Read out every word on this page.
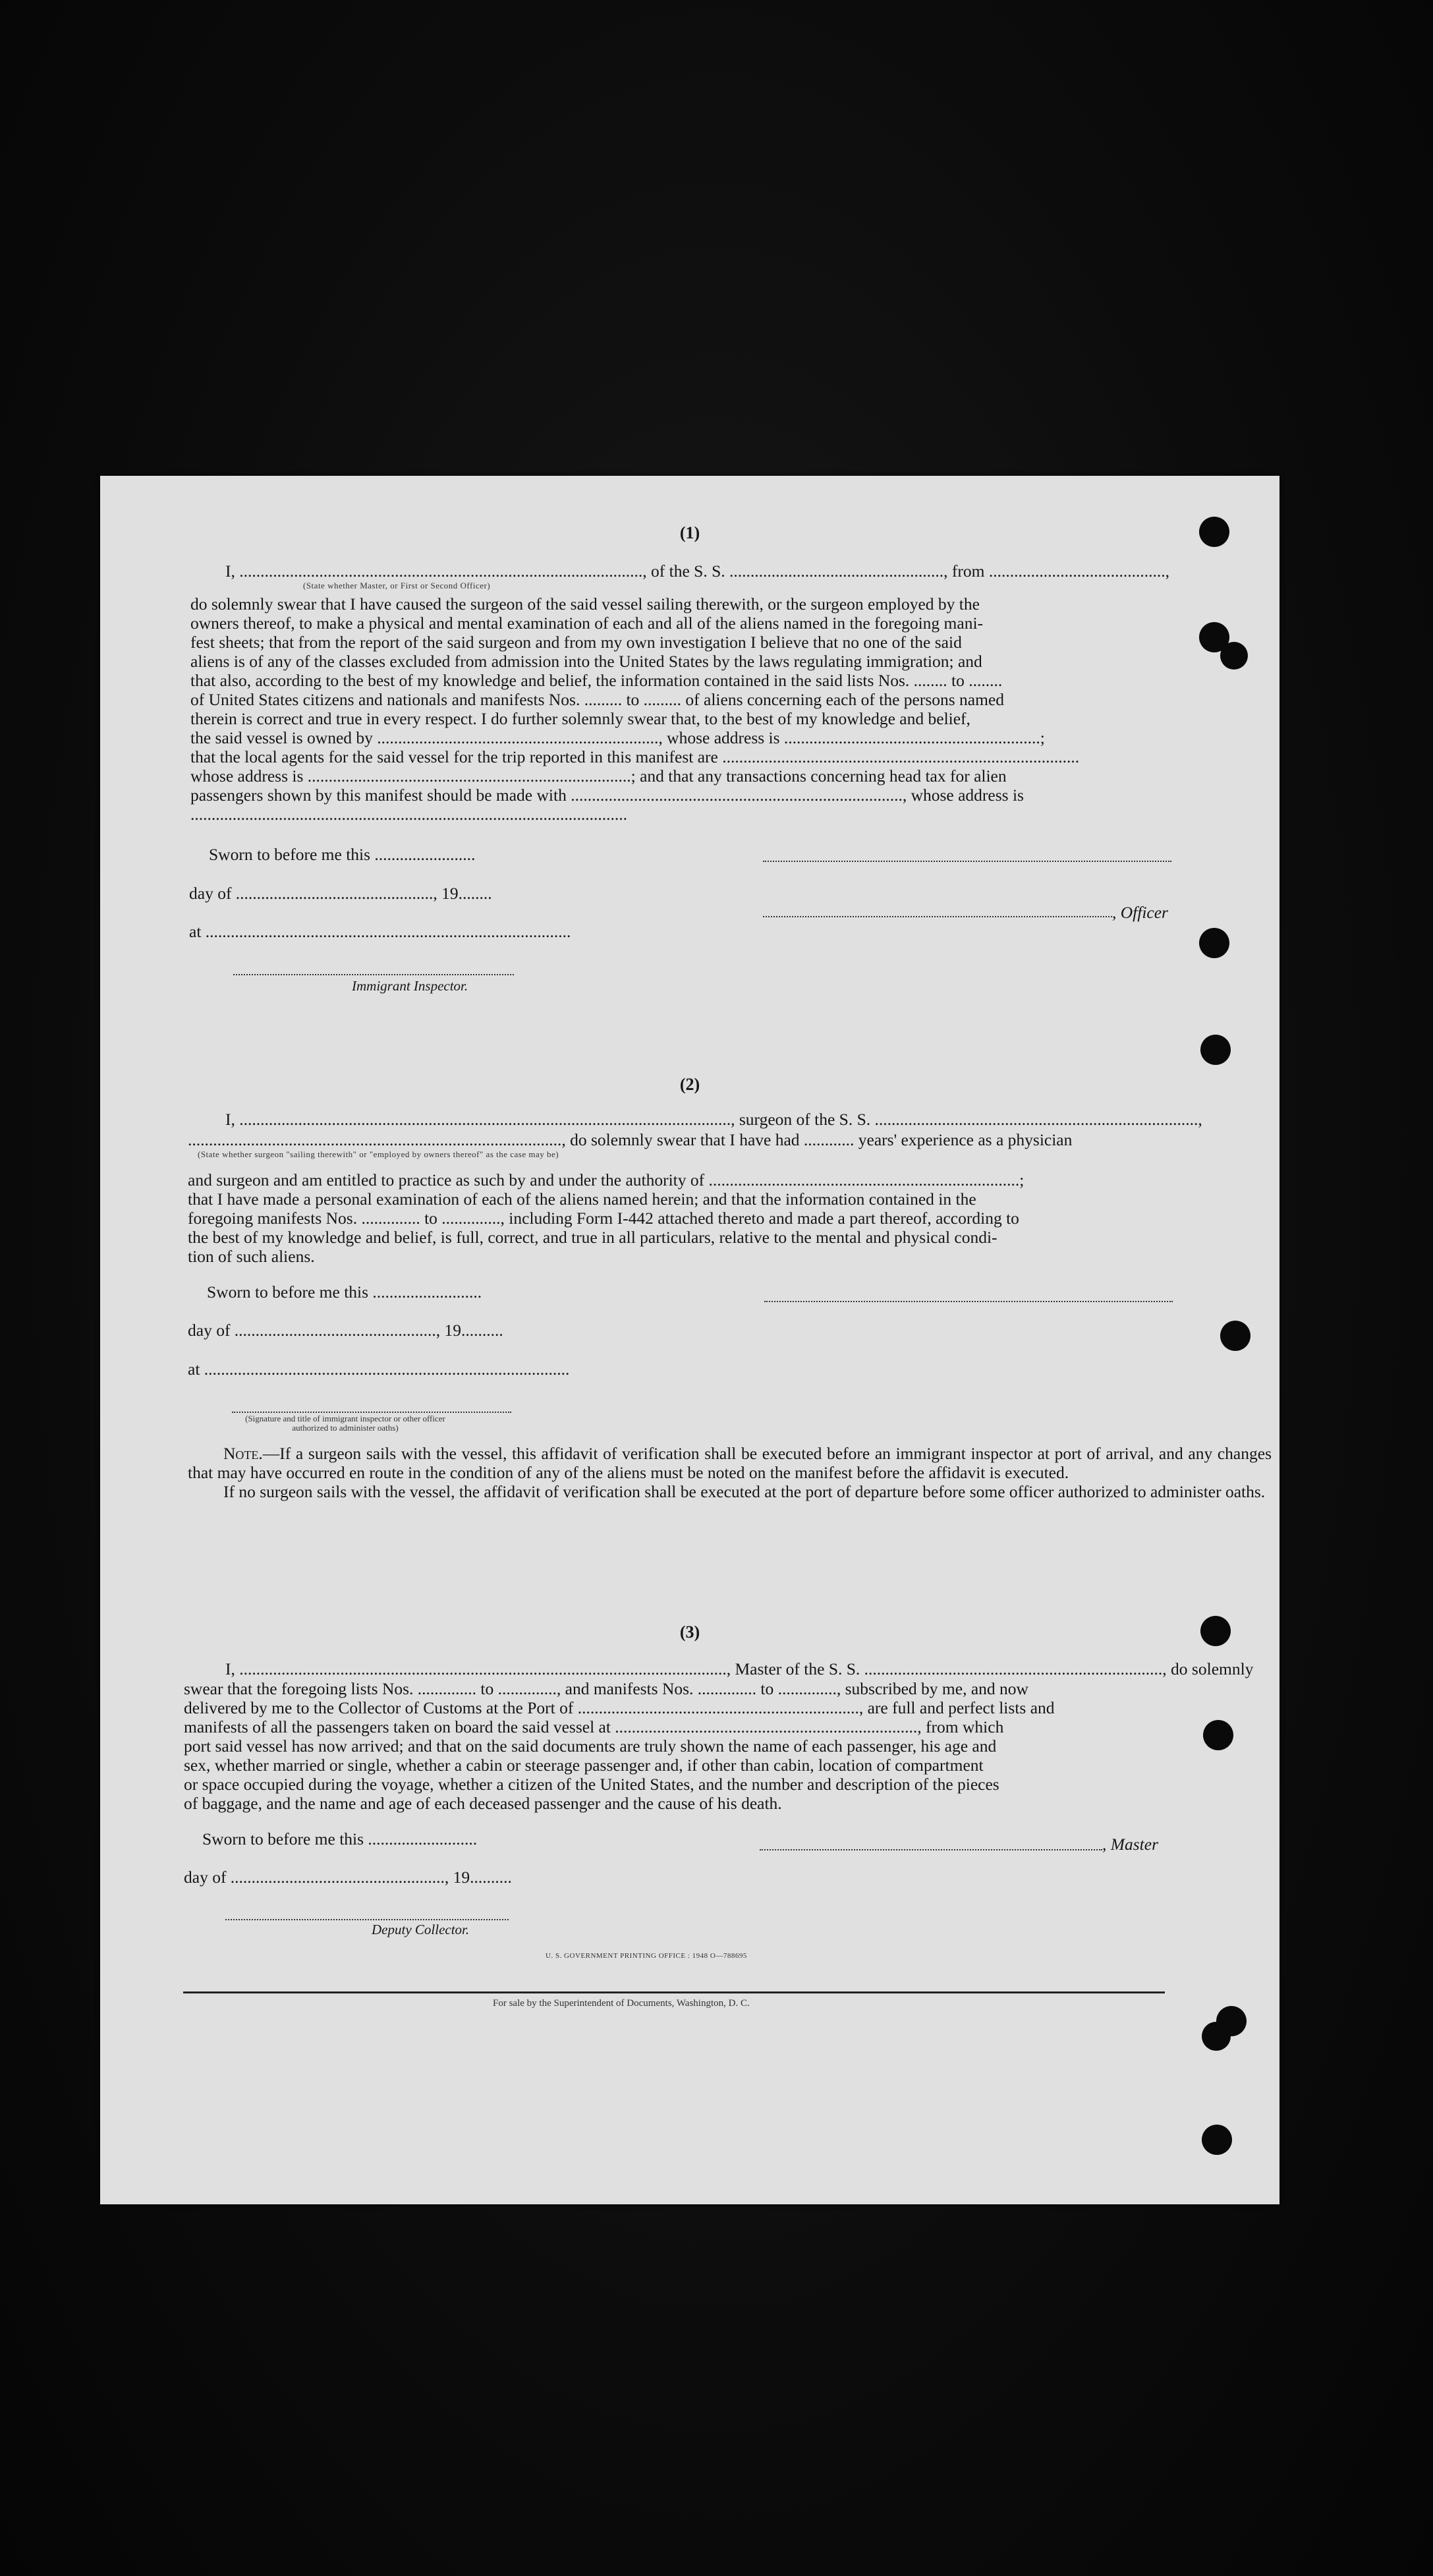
(1)
I, ................................................................................................, of the S. S. ..................................................., from ..........................................,
(State whether Master, or First or Second Officer)
do solemnly swear that I have caused the surgeon of the said vessel sailing therewith, or the surgeon employed by the
owners thereof, to make a physical and mental examination of each and all of the aliens named in the foregoing mani-
fest sheets; that from the report of the said surgeon and from my own investigation I believe that no one of the said
aliens is of any of the classes excluded from admission into the United States by the laws regulating immigration; and
that also, according to the best of my knowledge and belief, the information contained in the said lists Nos. ........ to ........
of United States citizens and nationals and manifests Nos. ......... to ......... of aliens concerning each of the persons named
therein is correct and true in every respect. I do further solemnly swear that, to the best of my knowledge and belief,
the said vessel is owned by ..................................................................., whose address is .............................................................;
that the local agents for the said vessel for the trip reported in this manifest are .....................................................................................
whose address is .............................................................................; and that any transactions concerning head tax for alien
passengers shown by this manifest should be made with ..............................................................................., whose address is
........................................................................................................
Sworn to before me this ........................
day of ..............................................., 19........
at .......................................................................................
Immigrant Inspector.
, Officer
(2)
I, ....................................................................................................................., surgeon of the S. S. .............................................................................,
........................................................................................., do solemnly swear that I have had ............ years' experience as a physician
(State whether surgeon "sailing therewith" or "employed by owners thereof" as the case may be)
and surgeon and am entitled to practice as such by and under the authority of ..........................................................................;
that I have made a personal examination of each of the aliens named herein; and that the information contained in the
foregoing manifests Nos. .............. to .............., including Form I-442 attached thereto and made a part thereof, according to
the best of my knowledge and belief, is full, correct, and true in all particulars, relative to the mental and physical condi-
tion of such aliens.
Sworn to before me this ..........................
day of ................................................, 19..........
at .......................................................................................
(Signature and title of immigrant inspector or other officer authorized to administer oaths)
Note.—If a surgeon sails with the vessel, this affidavit of verification shall be executed before an immigrant inspector at port of arrival, and any changes that may have occurred en route in the condition of any of the aliens must be noted on the manifest before the affidavit is executed.
If no surgeon sails with the vessel, the affidavit of verification shall be executed at the port of departure before some officer authorized to administer oaths.
(3)
I, ...................................................................................................................., Master of the S. S. ......................................................................., do solemnly
swear that the foregoing lists Nos. .............. to .............., and manifests Nos. .............. to .............., subscribed by me, and now
delivered by me to the Collector of Customs at the Port of ..................................................................., are full and perfect lists and
manifests of all the passengers taken on board the said vessel at ........................................................................, from which
port said vessel has now arrived; and that on the said documents are truly shown the name of each passenger, his age and
sex, whether married or single, whether a cabin or steerage passenger and, if other than cabin, location of compartment
or space occupied during the voyage, whether a citizen of the United States, and the number and description of the pieces
of baggage, and the name and age of each deceased passenger and the cause of his death.
Sworn to before me this ..........................
day of ..................................................., 19..........
, Master
Deputy Collector.
U. S. GOVERNMENT PRINTING OFFICE : 1948 O—788695
For sale by the Superintendent of Documents, Washington, D. C.
